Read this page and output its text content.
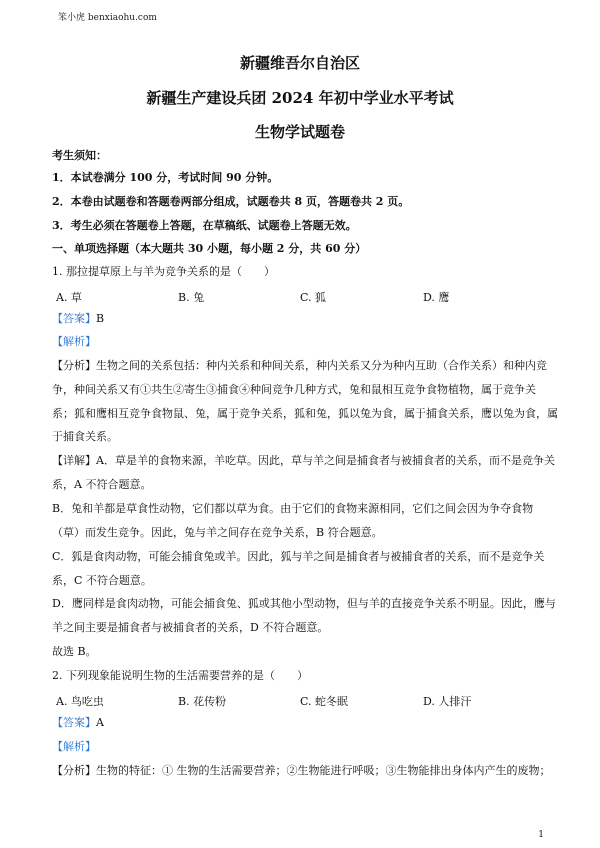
笨小虎 benxiaohu.com
新疆维吾尔自治区
新疆生产建设兵团 2024 年初中学业水平考试
生物学试题卷
考生须知：
1．本试卷满分 100 分，考试时间 90 分钟。
2．本卷由试题卷和答题卷两部分组成，试题卷共 8 页，答题卷共 2 页。
3．考生必须在答题卷上答题，在草稿纸、试题卷上答题无效。
一、单项选择题（本大题共 30 小题，每小题 2 分，共 60 分）
1. 那拉提草原上与羊为竞争关系的是（　　）
A. 草	B. 兔	C. 狐	D. 鹰
【答案】B
【解析】
【分析】生物之间的关系包括：种内关系和种间关系，种内关系又分为种内互助（合作关系）和种内竞
争，种间关系又有①共生②寄生③捕食④种间竞争几种方式，兔和鼠相互竞争食物植物，属于竞争关
系；狐和鹰相互竞争食物鼠、兔，属于竞争关系，狐和兔，狐以兔为食，属于捕食关系，鹰以兔为食，属
于捕食关系。
【详解】A．草是羊的食物来源，羊吃草。因此，草与羊之间是捕食者与被捕食者的关系，而不是竞争关
系，A 不符合题意。
B．兔和羊都是草食性动物，它们都以草为食。由于它们的食物来源相同，它们之间会因为争夺食物
（草）而发生竞争。因此，兔与羊之间存在竞争关系，B 符合题意。
C．狐是食肉动物，可能会捕食兔或羊。因此，狐与羊之间是捕食者与被捕食者的关系，而不是竞争关
系，C 不符合题意。
D．鹰同样是食肉动物，可能会捕食兔、狐或其他小型动物，但与羊的直接竞争关系不明显。因此，鹰与
羊之间主要是捕食者与被捕食者的关系，D 不符合题意。
故选 B。
2. 下列现象能说明生物的生活需要营养的是（　　）
A. 鸟吃虫	B. 花传粉	C. 蛇冬眠	D. 人排汗
【答案】A
【解析】
【分析】生物的特征：① 生物的生活需要营养；②生物能进行呼吸；③生物能排出身体内产生的废物；
1
